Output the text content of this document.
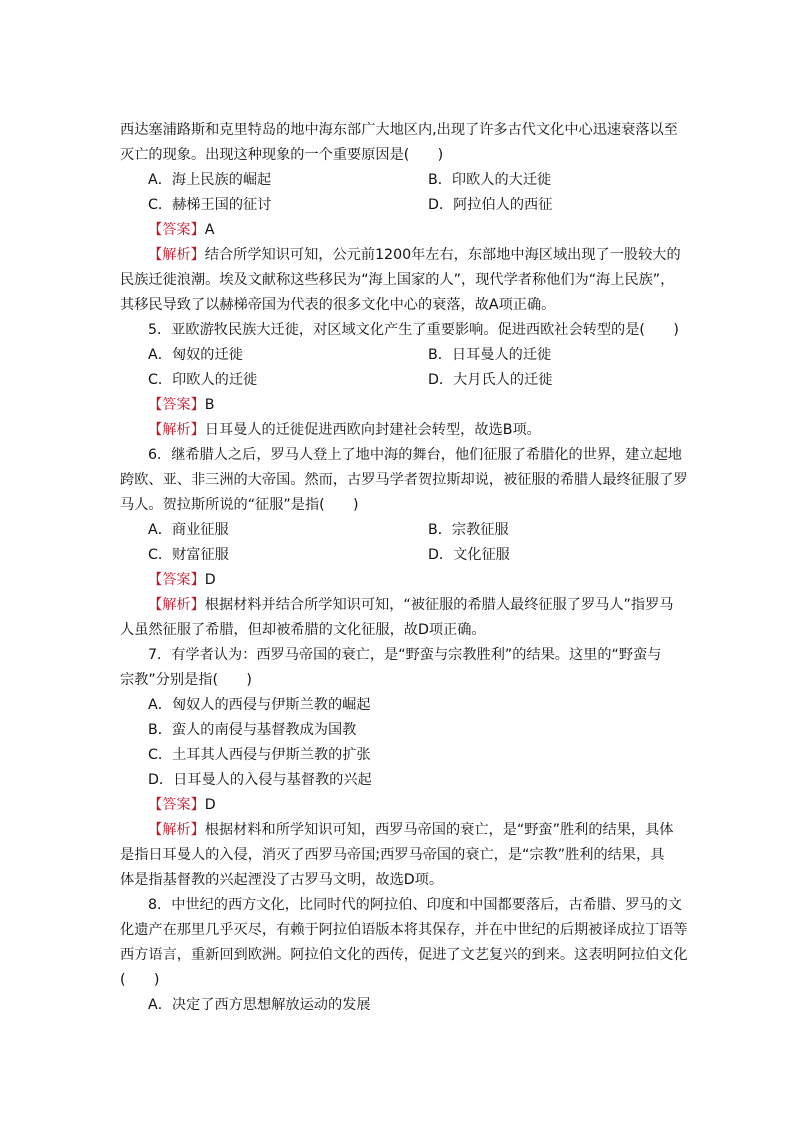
西达塞浦路斯和克里特岛的地中海东部广大地区内,出现了许多古代文化中心迅速衰落以至
灭亡的现象。出现这种现象的一个重要原因是(　　)
A．海上民族的崛起	B．印欧人的大迁徙
C．赫梯王国的征讨	D．阿拉伯人的西征
【答案】A
【解析】结合所学知识可知，公元前1200年左右，东部地中海区域出现了一股较大的
民族迁徙浪潮。埃及文献称这些移民为“海上国家的人”，现代学者称他们为“海上民族”，
其移民导致了以赫梯帝国为代表的很多文化中心的衰落，故A项正确。
5．亚欧游牧民族大迁徙，对区域文化产生了重要影响。促进西欧社会转型的是(　　)
A．匈奴的迁徙	B．日耳曼人的迁徙
C．印欧人的迁徙	D．大月氏人的迁徙
【答案】B
【解析】日耳曼人的迁徙促进西欧向封建社会转型，故选B项。
6．继希腊人之后，罗马人登上了地中海的舞台，他们征服了希腊化的世界，建立起地
跨欧、亚、非三洲的大帝国。然而，古罗马学者贺拉斯却说，被征服的希腊人最终征服了罗
马人。贺拉斯所说的“征服”是指(　　)
A．商业征服	B．宗教征服
C．财富征服	D．文化征服
【答案】D
【解析】根据材料并结合所学知识可知，“被征服的希腊人最终征服了罗马人”指罗马
人虽然征服了希腊，但却被希腊的文化征服，故D项正确。
7．有学者认为：西罗马帝国的衰亡，是“野蛮与宗教胜利”的结果。这里的“野蛮与
宗教”分别是指(　　)
A．匈奴人的西侵与伊斯兰教的崛起
B．蛮人的南侵与基督教成为国教
C．土耳其人西侵与伊斯兰教的扩张
D．日耳曼人的入侵与基督教的兴起
【答案】D
【解析】根据材料和所学知识可知，西罗马帝国的衰亡，是“野蛮”胜利的结果，具体
是指日耳曼人的入侵，消灭了西罗马帝国;西罗马帝国的衰亡，是“宗教”胜利的结果，具
体是指基督教的兴起湮没了古罗马文明，故选D项。
8．中世纪的西方文化，比同时代的阿拉伯、印度和中国都要落后，古希腊、罗马的文
化遗产在那里几乎灭尽，有赖于阿拉伯语版本将其保存，并在中世纪的后期被译成拉丁语等
西方语言，重新回到欧洲。阿拉伯文化的西传，促进了文艺复兴的到来。这表明阿拉伯文化
(　　)
A．决定了西方思想解放运动的发展
